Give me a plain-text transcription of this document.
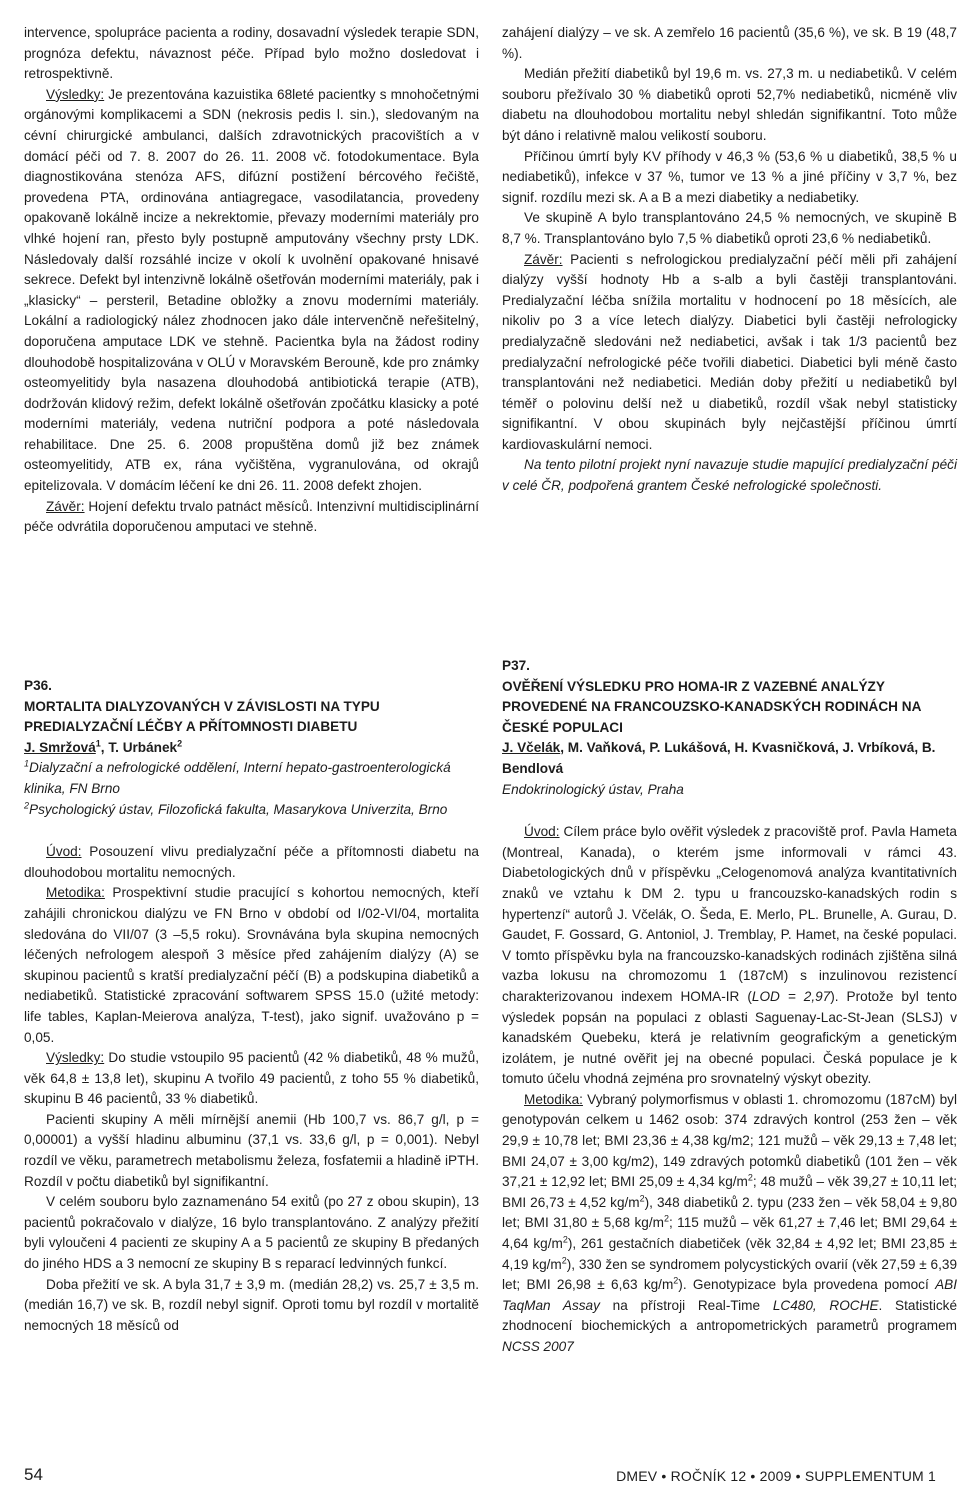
intervence, spolupráce pacienta a rodiny, dosavadní výsledek terapie SDN, prognóza defektu, návaznost péče. Případ bylo možno dosledovat i retrospektivně.

Výsledky: Je prezentována kazuistika 68leté pacientky s mnohočetnými orgánovými komplikacemi a SDN (nekrosis pedis l. sin.), sledovaným na cévní chirurgické ambulanci, dalších zdravotnických pracovištích a v domácí péči od 7. 8. 2007 do 26. 11. 2008 vč. fotodokumentace. Byla diagnostikována stenóza AFS, difúzní postižení bércového řečiště, provedena PTA, ordinována antiagregace, vasodilatancia, provedeny opakovaně lokálně incize a nekrektomie, převazy moderními materiály pro vlhké hojení ran, přesto byly postupně amputovány všechny prsty LDK. Následovaly další rozsáhlé incize v okolí k uvolnění opakované hnisavé sekrece. Defekt byl intenzivně lokálně ošetřován moderními materiály, pak i „klasicky“ – persteril, Betadine obložky a znovu moderními materiály. Lokální a radiologický nález zhodnocen jako dále intervenčně neřešitelný, doporučena amputace LDK ve stehně. Pacientka byla na žádost rodiny dlouhodobě hospitalizována v OLÚ v Moravském Berouně, kde pro známky osteomyelitidy byla nasazena dlouhodobá antibiotická terapie (ATB), dodržován klidový režim, defekt lokálně ošetřován zpočátku klasicky a poté moderními materiály, vedena nutriční podpora a poté následovala rehabilitace. Dne 25. 6. 2008 propuštěna domů již bez známek osteomyelitidy, ATB ex, rána vyčištěna, vygranulována, od okrajů epitelizovala. V domácím léčení ke dni 26. 11. 2008 defekt zhojen.

Závěr: Hojení defektu trvalo patnáct měsíců. Intenzivní multidisciplinární péče odvrátila doporučenou amputaci ve stehně.

zahájení dialýzy – ve sk. A zemřelo 16 pacientů (35,6 %), ve sk. B 19 (48,7 %).

Medián přežití diabetiků byl 19,6 m. vs. 27,3 m. u nediabetiků. V celém souboru přežívalo 30 % diabetiků oproti 52,7% nediabetiků, nicméně vliv diabetu na dlouhodobou mortalitu nebyl shledán signifikantní. Toto může být dáno i relativně malou velikostí souboru.

Příčinou úmrtí byly KV příhody v 46,3 % (53,6 % u diabetiků, 38,5 % u nediabetiků), infekce v 37 %, tumor ve 13 % a jiné příčiny v 3,7 %, bez signif. rozdílu mezi sk. A a B a mezi diabetiky a nediabetiky.

Ve skupině A bylo transplantováno 24,5 % nemocných, ve skupině B 8,7 %. Transplantováno bylo 7,5 % diabetiků oproti 23,6 % nediabetiků.

Závěr: Pacienti s nefrologickou predialyzační péčí měli při zahájení dialýzy vyšší hodnoty Hb a s-alb a byli častěji transplantováni. Predialyzační léčba snížila mortalitu v hodnocení po 18 měsících, ale nikoliv po 3 a více letech dialýzy. Diabetici byli častěji nefrologicky predialyzačně sledováni než nediabetici, avšak i tak 1/3 pacientů bez predialyzační nefrologické péče tvořili diabetici. Diabetici byli méně často transplantováni než nediabetici. Medián doby přežití u nediabetiků byl téměř o polovinu delší než u diabetiků, rozdíl však nebyl statisticky signifikantní. V obou skupinách byly nejčastější příčinou úmrtí kardiovaskulární nemoci.

Na tento pilotní projekt nyní navazuje studie mapující predialyzační péči v celé ČR, podpořená grantem České nefrologické společnosti.

P36.

MORTALITA DIALYZOVANÝCH V ZÁVISLOSTI NA TYPU PREDIALYZAČNÍ LÉČBY A PŘÍTOMNOSTI DIABETU

J. Smržová$^1$, T. Urbánek$^2$

$^1$Dialyzační a nefrologické oddělení, Interní hepato-gastroenterologická klinika, FN Brno

$^2$Psychologický ústav, Filozofická fakulta, Masarykova Univerzita, Brno

Úvod: Posouzení vlivu predialyzační péče a přítomnosti diabetu na dlouhodobou mortalitu nemocných.

Metodika: Prospektivní studie pracující s kohortou nemocných, kteří zahájili chronickou dialýzu ve FN Brno v období od I/02-VI/04, mortalita sledována do VII/07 (3 –5,5 roku). Srovnávána byla skupina nemocných léčených nefrologem alespoň 3 měsíce před zahájením dialýzy (A) se skupinou pacientů s kratší predialyzační péčí (B) a podskupina diabetiků a nediabetiků. Statistické zpracování softwarem SPSS 15.0 (užité metody: life tables, Kaplan-Meierova analýza, T-test), jako signif. uvažováno p = 0,05.

Výsledky: Do studie vstoupilo 95 pacientů (42 % diabetiků, 48 % mužů, věk 64,8 ± 13,8 let), skupinu A tvořilo 49 pacientů, z toho 55 % diabetiků, skupinu B 46 pacientů, 33 % diabetiků.

Pacienti skupiny A měli mírnější anemii (Hb 100,7 vs. 86,7 g/l, p = 0,00001) a vyšší hladinu albuminu (37,1 vs. 33,6 g/l, p = 0,001). Nebyl rozdíl ve věku, parametrech metabolismu železa, fosfatemii a hladině iPTH. Rozdíl v počtu diabetiků byl signifikantní.

V celém souboru bylo zaznamenáno 54 exitů (po 27 z obou skupin), 13 pacientů pokračovalo v dialýze, 16 bylo transplantováno. Z analýzy přežití byli vyloučeni 4 pacienti ze skupiny A a 5 pacientů ze skupiny B předaných do jiného HDS a 3 nemocní ze skupiny B s reparací ledvinných funkcí.

Doba přežití ve sk. A byla 31,7 ± 3,9 m. (medián 28,2) vs. 25,7 ± 3,5 m. (medián 16,7) ve sk. B, rozdíl nebyl signif. Oproti tomu byl rozdíl v mortalitě nemocných 18 měsíců od

P37.

OVĚŘENÍ VÝSLEDKU PRO HOMA-IR Z VAZEBNÉ ANALÝZY PROVEDENÉ NA FRANCOUZSKO-KANADSKÝCH RODINÁCH NA ČESKÉ POPULACI

J. Včelák, M. Vaňková, P. Lukášová, H. Kvasničková, J. Vrbíková, B. Bendlová

Endokrinologický ústav, Praha

Úvod: Cílem práce bylo ověřit výsledek z pracoviště prof. Pavla Hameta (Montreal, Kanada), o kterém jsme informovali v rámci 43. Diabetologických dnů v příspěvku „Celogenomová analýza kvantitativních znaků ve vztahu k DM 2. typu u francouzsko-kanadských rodin s hypertenzí“ autorů J. Včelák, O. Šeda, E. Merlo, PL. Brunelle, A. Gurau, D. Gaudet, F. Gossard, G. Antoniol, J. Tremblay, P. Hamet, na české populaci. V tomto příspěvku byla na francouzsko-kanadských rodinách zjištěna silná vazba lokusu na chromozomu 1 (187cM) s inzulinovou rezistencí charakterizovanou indexem HOMA-IR (LOD = 2,97). Protože byl tento výsledek popsán na populaci z oblasti Saguenay-Lac-St-Jean (SLSJ) v kanadském Quebeku, která je relativním geografickým a genetickým izolátem, je nutné ověřit jej na obecné populaci. Česká populace je k tomuto účelu vhodná zejména pro srovnatelný výskyt obezity.

Metodika: Vybraný polymorfismus v oblasti 1. chromozomu (187cM) byl genotypován celkem u 1462 osob: 374 zdravých kontrol (253 žen – věk 29,9 ± 10,78 let; BMI 23,36 ± 4,38 kg/m2; 121 mužů – věk 29,13 ± 7,48 let; BMI 24,07 ± 3,00 kg/m2), 149 zdravých potomků diabetiků (101 žen – věk 37,21 ± 12,92 let; BMI 25,09 ± 4,34 $kg/m^2$; 48 mužů – věk 39,27 ± 10,11 let; BMI 26,73 ± 4,52 $kg/m^2$), 348 diabetiků 2. typu (233 žen – věk 58,04 ± 9,80 let; BMI 31,80 ± 5,68 $kg/m^2$; 115 mužů – věk 61,27 ± 7,46 let; BMI 29,64 ± 4,64 $kg/m^2$), 261 gestačních diabetiček (věk 32,84 ± 4,92 let; BMI 23,85 ± 4,19 $kg/m^2$), 330 žen se syndromem polycystických ovarií (věk 27,59 ± 6,39 let; BMI 26,98 ± 6,63 $kg/m^2$). Genotypizace byla provedena pomocí ABI TaqMan Assay na přístroji Real-Time LC480, ROCHE. Statistické zhodnocení biochemických a antropometrických parametrů programem NCSS 2007

54	DMEV • ROČNÍK 12 • 2009 • SUPPLEMENTUM 1
